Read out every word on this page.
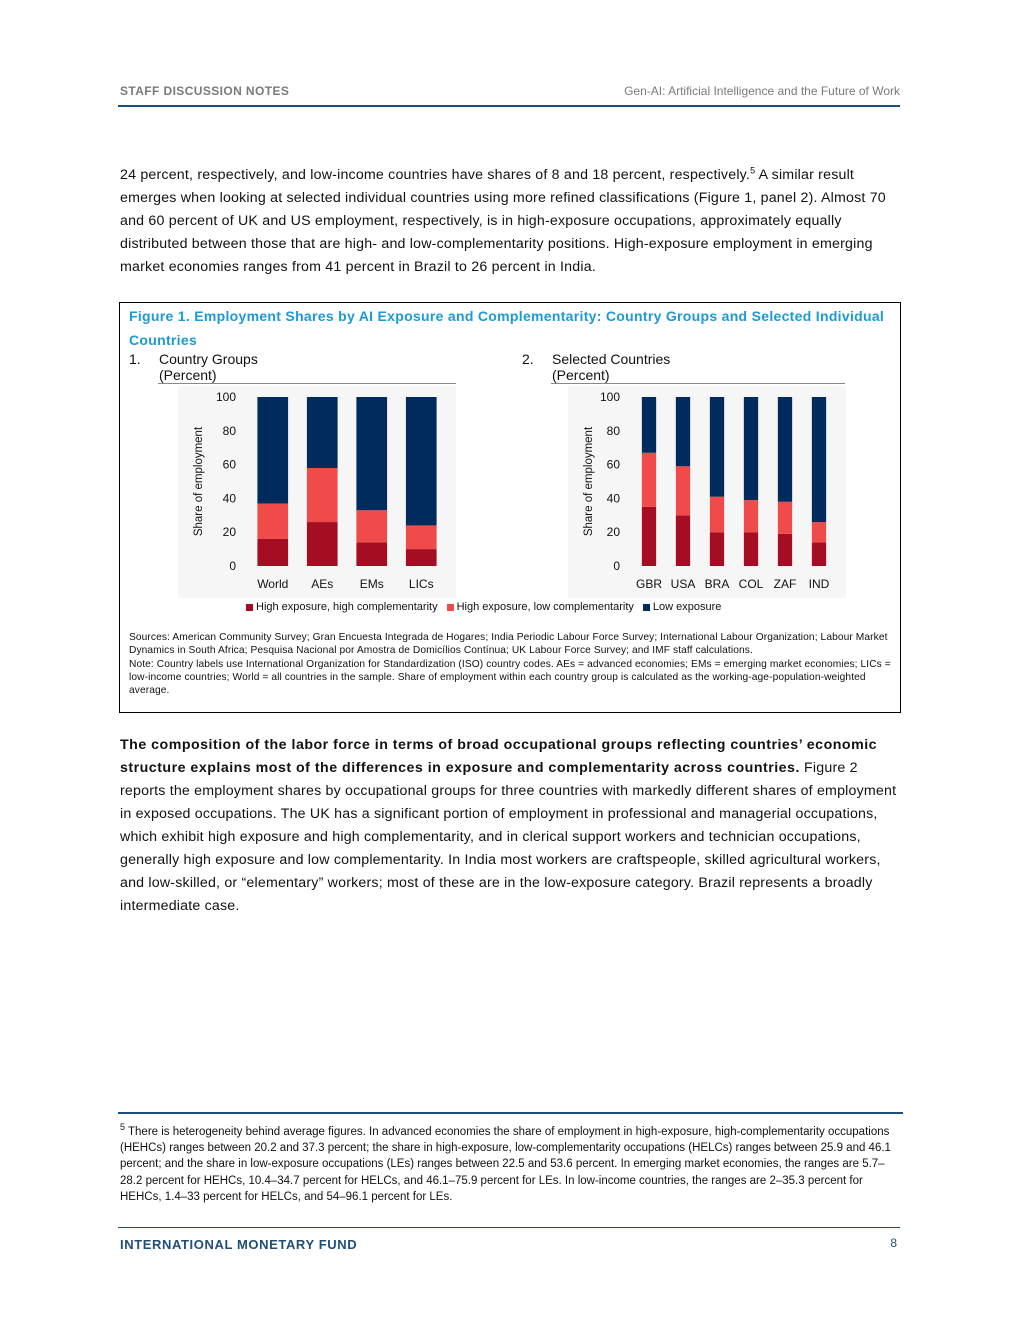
STAFF DISCUSSION NOTES	Gen-AI: Artificial Intelligence and the Future of Work

24 percent, respectively, and low-income countries have shares of 8 and 18 percent, respectively.$^5$ A similar result emerges when looking at selected individual countries using more refined classifications (Figure 1, panel 2). Almost 70 and 60 percent of UK and US employment, respectively, is in high-exposure occupations, approximately equally distributed between those that are high- and low-complementarity positions. High-exposure employment in emerging market economies ranges from 41 percent in Brazil to 26 percent in India.

Figure 1. Employment Shares by AI Exposure and Complementarity: Country Groups and Selected Individual Countries
1. Country Groups
(Percent)
2. Selected Countries
(Percent)
0
20
40
60
80
100
Share of employment
World AEs EMs LICs
0
20
40
60
80
100
Share of employment
GBR USA BRA COL ZAF IND
High exposure, high complementarity High exposure, low complementarity Low exposure

Sources: American Community Survey; Gran Encuesta Integrada de Hogares; India Periodic Labour Force Survey; International Labour Organization; Labour Market Dynamics in South Africa; Pesquisa Nacional por Amostra de Domicílios Contínua; UK Labour Force Survey; and IMF staff calculations.

Note: Country labels use International Organization for Standardization (ISO) country codes. AEs = advanced economies; EMs = emerging market economies; LICs = low-income countries; World = all countries in the sample. Share of employment within each country group is calculated as the working-age-population-weighted average.

The composition of the labor force in terms of broad occupational groups reflecting countries’ economic structure explains most of the differences in exposure and complementarity across countries. Figure 2 reports the employment shares by occupational groups for three countries with markedly different shares of employment in exposed occupations. The UK has a significant portion of employment in professional and managerial occupations, which exhibit high exposure and high complementarity, and in clerical support workers and technician occupations, generally high exposure and low complementarity. In India most workers are craftspeople, skilled agricultural workers, and low-skilled, or “elementary” workers; most of these are in the low-exposure category. Brazil represents a broadly intermediate case.

$^5$ There is heterogeneity behind average figures. In advanced economies the share of employment in high-exposure, high-complementarity occupations (HEHCs) ranges between 20.2 and 37.3 percent; the share in high-exposure, low-complementarity occupations (HELCs) ranges between 25.9 and 46.1 percent; and the share in low-exposure occupations (LEs) ranges between 22.5 and 53.6 percent. In emerging market economies, the ranges are 5.7–28.2 percent for HEHCs, 10.4–34.7 percent for HELCs, and 46.1–75.9 percent for LEs. In low-income countries, the ranges are 2–35.3 percent for HEHCs, 1.4–33 percent for HELCs, and 54–96.1 percent for LEs.

INTERNATIONAL MONETARY FUND	8
